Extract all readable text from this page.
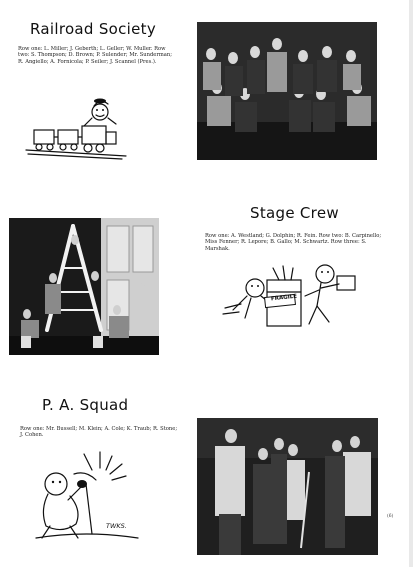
Railroad Society

Row one: L. Miller; J. Geberth; L. Geller; W. Muller. Row two: S. Thompson; D. Brown; P. Sulender; Mr. Sunderman; R. Angiello; A. Fornicola; P. Seiler; J. Scannel (Pres.).

Stage Crew

Row one: A. Westland; G. Dolphin; R. Fein. Row two: B. Carpinello; Miss Fenner; R. Lepore; B. Gallo; M. Schwartz. Row three: S. Marshak.

FRAGILE
P. A. Squad

Row one: Mr. Bussell; M. Klein; A. Cole; K. Traub; R. Stone; J. Cohen.

TWKS.
(6)
